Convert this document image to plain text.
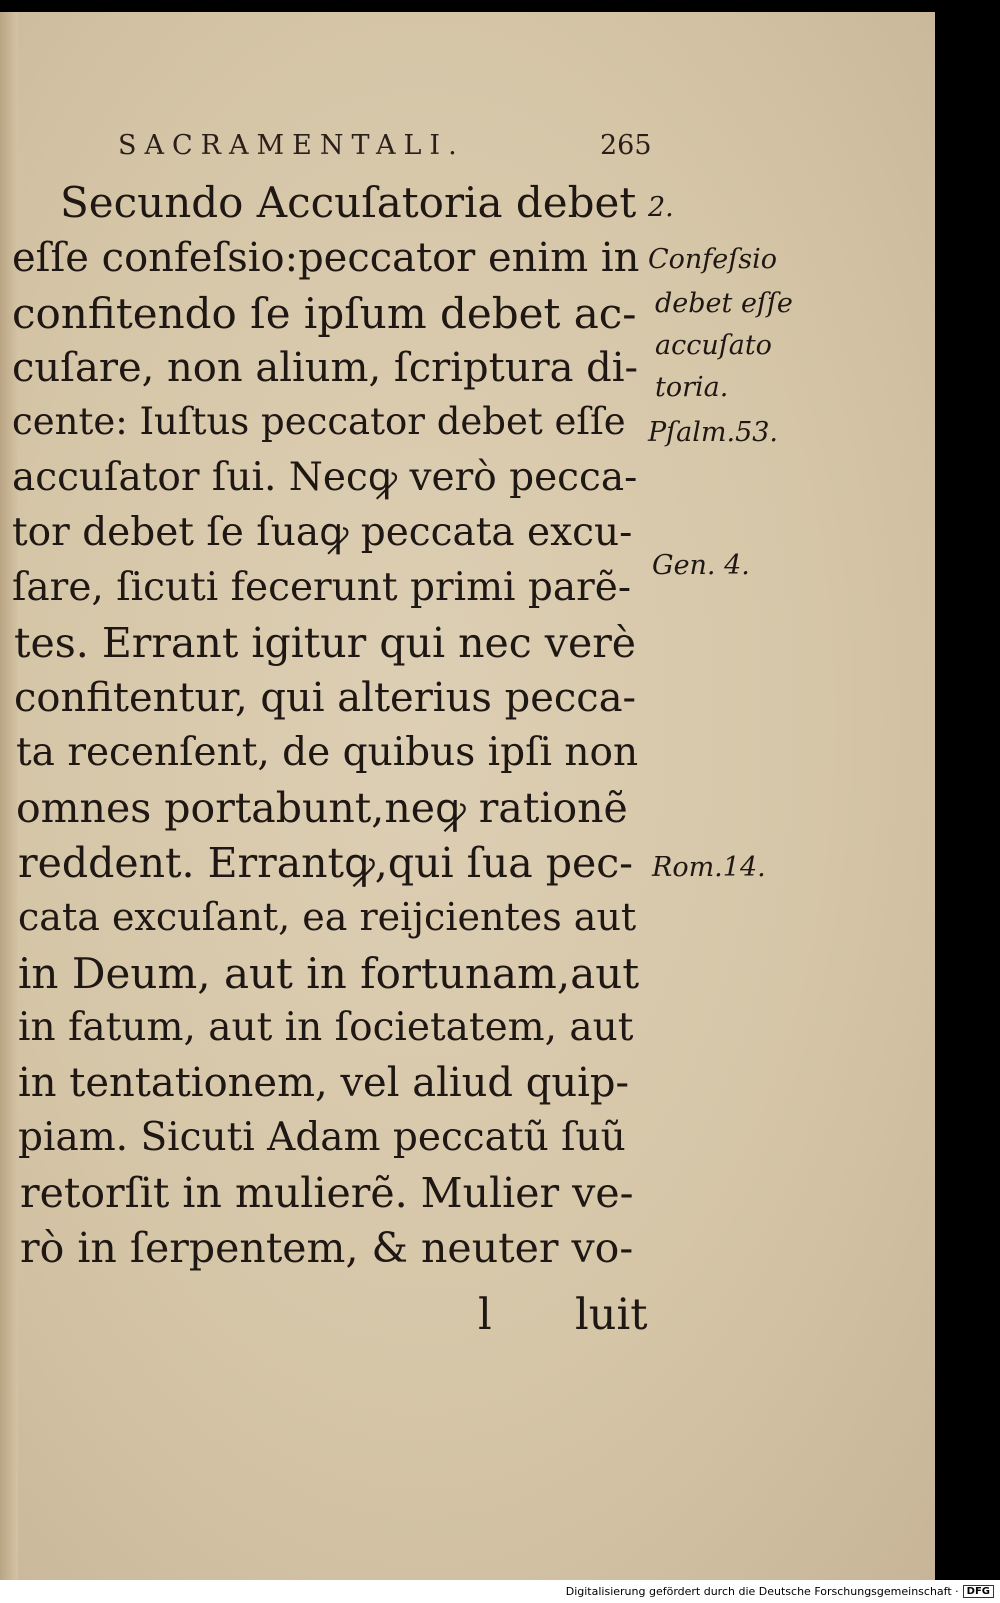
SACRAMENTALI.	265
Secundo Accuſatoria debet
eſſe confeſsio:peccator enim in
confitendo ſe ipſum debet ac-
cuſare, non alium, ſcriptura di-
cente: Iuſtus peccator debet eſſe
accuſator ſui. Necꝙ verò pecca-
tor debet ſe ſuaꝙ peccata excu-
ſare, ſicuti fecerunt primi parẽ-
tes. Errant igitur qui nec verè
confitentur, qui alterius pecca-
ta recenſent, de quibus ipſi non
omnes portabunt,neꝙ rationẽ
reddent. Errantꝙ,qui ſua pec-
cata excuſant, ea reijcientes aut
in Deum, aut in fortunam,aut
in fatum, aut in ſocietatem, aut
in tentationem, vel aliud quip-
piam. Sicuti Adam peccatũ ſuũ
retorſit in mulierẽ. Mulier ve-
rò in ſerpentem, & neuter vo-
l luit
2.
Confeſsio
debet eſſe
accuſato
toria.
Pſalm.53.
Gen. 4.
Rom.14.
Digitalisierung gefördert durch die Deutsche Forschungsgemeinschaft · DFG
